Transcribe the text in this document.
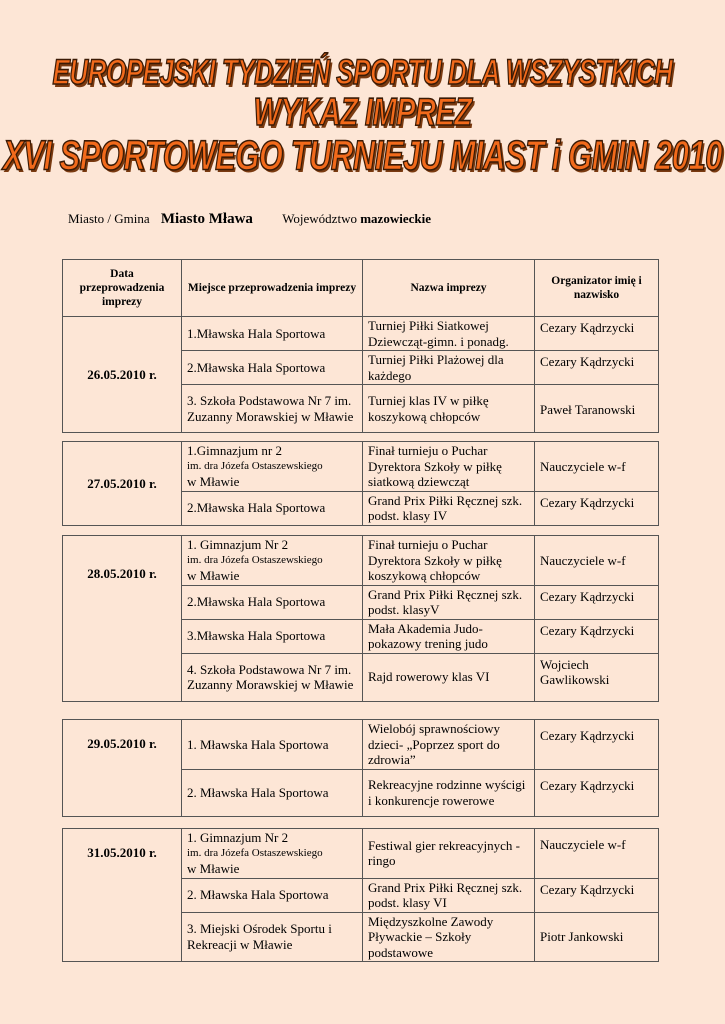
EUROPEJSKI TYDZIEŃ SPORTU DLA WSZYSTKICH
WYKAZ IMPREZ
XVI SPORTOWEGO TURNIEJU MIAST i GMIN 2010
Miasto / Gmina Miasto Mława Województwo mazowieckie
Data przeprowadzenia imprezy	Miejsce przeprowadzenia imprezy	Nazwa imprezy	Organizator imię i nazwisko
26.05.2010 r.	1.Mławska Hala Sportowa	Turniej Piłki Siatkowej Dziewcząt-gimn. i ponadg.	Cezary Kądrzycki
	2.Mławska Hala Sportowa	Turniej Piłki Plażowej dla każdego	Cezary Kądrzycki
	3. Szkoła Podstawowa Nr 7 im. Zuzanny Morawskiej w Mławie	Turniej klas IV w piłkę koszykową chłopców	Paweł Taranowski
27.05.2010 r.	1.Gimnazjum nr 2
im. dra Józefa Ostaszewskiego
w Mławie	Finał turnieju o Puchar Dyrektora Szkoły w piłkę siatkową dziewcząt	Nauczyciele w-f
	2.Mławska Hala Sportowa	Grand Prix Piłki Ręcznej szk. podst. klasy IV	Cezary Kądrzycki
28.05.2010 r.	1. Gimnazjum Nr 2
im. dra Józefa Ostaszewskiego
w Mławie	Finał turnieju o Puchar Dyrektora Szkoły w piłkę koszykową chłopców	Nauczyciele w-f
	2.Mławska Hala Sportowa	Grand Prix Piłki Ręcznej szk. podst. klasyV	Cezary Kądrzycki
	3.Mławska Hala Sportowa	Mała Akademia Judo- pokazowy trening judo	Cezary Kądrzycki
	4. Szkoła Podstawowa Nr 7 im. Zuzanny Morawskiej w Mławie	Rajd rowerowy klas VI	Wojciech Gawlikowski
29.05.2010 r.	1. Mławska Hala Sportowa	Wielobój sprawnościowy dzieci- „Poprzez sport do zdrowia”	Cezary Kądrzycki
	2. Mławska Hala Sportowa	Rekreacyjne rodzinne wyścigi i konkurencje rowerowe	Cezary Kądrzycki
31.05.2010 r.	1. Gimnazjum Nr 2
im. dra Józefa Ostaszewskiego
w Mławie	Festiwal gier rekreacyjnych - ringo	Nauczyciele w-f
	2. Mławska Hala Sportowa	Grand Prix Piłki Ręcznej szk. podst. klasy VI	Cezary Kądrzycki
	3. Miejski Ośrodek Sportu i Rekreacji w Mławie	Międzyszkolne Zawody Pływackie – Szkoły podstawowe	Piotr Jankowski
